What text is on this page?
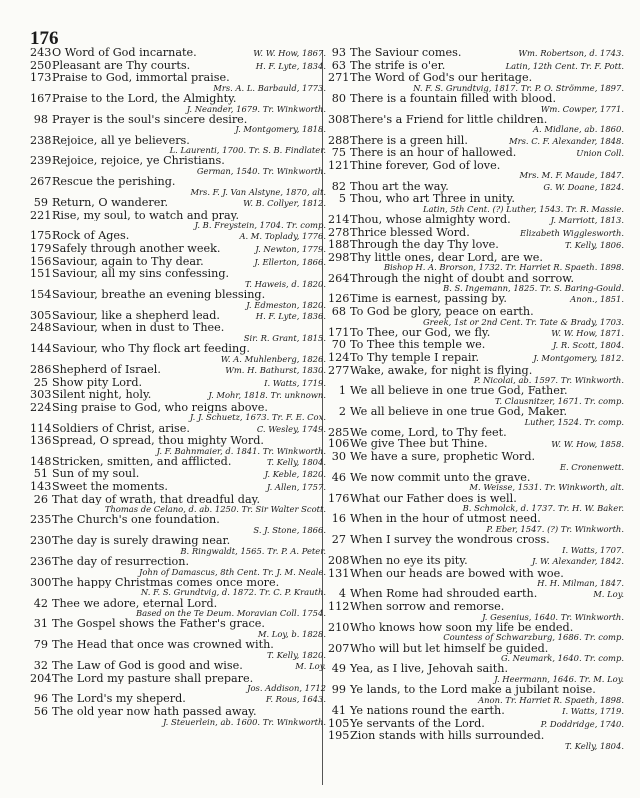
176
243 O Word of God incarnate.	W. W. How, 1867.
250 Pleasant are Thy courts.	H. F. Lyte, 1834.
173 Praise to God, immortal praise.
Mrs. A. L. Barbauld, 1773.
167 Praise to the Lord, the Almighty.
J. Neander, 1679. Tr. Winkworth.
98 Prayer is the soul's sincere desire.
J. Montgomery, 1818.
238 Rejoice, all ye believers.
L. Laurenti, 1700. Tr. S. B. Findlater.
239 Rejoice, rejoice, ye Christians.
German, 1540. Tr. Winkworth.
267 Rescue the perishing.
Mrs. F. J. Van Alstyne, 1870, alt.
59 Return, O wanderer.	W. B. Collyer, 1812.
221 Rise, my soul, to watch and pray.
J. B. Freystein, 1704. Tr. comp.
175 Rock of Ages.	A. M. Toplady, 1776.
179 Safely through another week.	J. Newton, 1779.
156 Saviour, again to Thy dear.	J. Ellerton, 1866.
151 Saviour, all my sins confessing.
T. Haweis, d. 1820.
154 Saviour, breathe an evening blessing.
J. Edmeston, 1820.
305 Saviour, like a shepherd lead.	H. F. Lyte, 1836.
248 Saviour, when in dust to Thee.
Sir. R. Grant, 1815.
144 Saviour, who Thy flock art feeding.
W. A. Muhlenberg, 1826.
286 Shepherd of Israel.	Wm. H. Bathurst, 1830.
25 Show pity Lord.	I. Watts, 1719.
303 Silent night, holy.	J. Mohr, 1818. Tr. unknown.
224 Sing praise to God, who reigns above.
J. J. Schuetz, 1673. Tr. F. E. Cox.
114 Soldiers of Christ, arise.	C. Wesley, 1749.
136 Spread, O spread, thou mighty Word.
J. F. Bahnmaier, d. 1841. Tr. Winkworth.
148 Stricken, smitten, and afflicted.	T. Kelly, 1804.
51 Sun of my soul.	J. Keble, 1820.
143 Sweet the moments.	J. Allen, 1757.
26 That day of wrath, that dreadful day.
Thomas de Celano, d. ab. 1250. Tr. Sir Walter Scott.
235 The Church's one foundation.
S. J. Stone, 1866.
230 The day is surely drawing near.
B. Ringwaldt, 1565. Tr. P. A. Peter.
236 The day of resurrection.
John of Damascus, 8th Cent. Tr. J. M. Neale.
300 The happy Christmas comes once more.
N. F. S. Grundtvig, d. 1872. Tr. C. P. Krauth.
42 Thee we adore, eternal Lord.
Based on the Te Deum. Moravian Coll. 1754.
31 The Gospel shows the Father's grace.
M. Loy, b. 1828.
79 The Head that once was crowned with.
T. Kelly, 1820.
32 The Law of God is good and wise.	M. Loy.
204 The Lord my pasture shall prepare.
Jos. Addison, 1712
96 The Lord's my sheperd.	F. Rous, 1643.
56 The old year now hath passed away.
J. Steuerlein, ab. 1600. Tr. Winkworth.
93 The Saviour comes.	Wm. Robertson, d. 1743.
63 The strife is o'er.	Latin, 12th Cent. Tr. F. Pott.
271 The Word of God's our heritage.
N. F. S. Grundtvig, 1817. Tr. P. O. Strömme, 1897.
80 There is a fountain filled with blood.
Wm. Cowper, 1771.
308 There's a Friend for little children.
A. Midlane, ab. 1860.
288 There is a green hill.	Mrs. C. F. Alexander, 1848.
75 There is an hour of hallowed.	Union Coll.
121 Thine forever, God of love.
Mrs. M. F. Maude, 1847.
82 Thou art the way.	G. W. Doane, 1824.
5 Thou, who art Three in unity.
Latin, 5th Cent. (?) Luther, 1543. Tr. R. Massie.
214 Thou, whose almighty word.	J. Marriott, 1813.
278 Thrice blessed Word.	Elizabeth Wigglesworth.
188 Through the day Thy love.	T. Kelly, 1806.
298 Thy little ones, dear Lord, are we.
Bishop H. A. Brorson, 1732. Tr. Harriet R. Spaeth. 1898.
264 Through the night of doubt and sorrow.
B. S. Ingemann, 1825. Tr. S. Baring-Gould.
126 Time is earnest, passing by.	Anon., 1851.
68 To God be glory, peace on earth.
Greek, 1st or 2nd Cent. Tr. Tate & Brady, 1703.
171 To Thee, our God, we fly.	W. W. How, 1871.
70 To Thee this temple we.	J. R. Scott, 1804.
124 To Thy temple I repair.	J. Montgomery, 1812.
277 Wake, awake, for night is flying.
P. Nicolai, ab. 1597. Tr. Winkworth.
1 We all believe in one true God, Father.
T. Clausnitzer, 1671. Tr. comp.
2 We all believe in one true God, Maker.
Luther, 1524. Tr. comp.
285 We come, Lord, to Thy feet.
106 We give Thee but Thine.	W. W. How, 1858.
30 We have a sure, prophetic Word.
E. Cronenwett.
46 We now commit unto the grave.
M. Weisse, 1531. Tr. Winkworth, alt.
176 What our Father does is well.
B. Schmolck, d. 1737. Tr. H. W. Baker.
16 When in the hour of utmost need.
P. Eber, 1547. (?) Tr. Winkworth.
27 When I survey the wondrous cross.
I. Watts, 1707.
208 When no eye its pity.	J. W. Alexander, 1842.
131 When our heads are bowed with woe.
H. H. Milman, 1847.
4 When Rome had shrouded earth.	M. Loy.
112 When sorrow and remorse.
J. Gesenius, 1640. Tr. Winkworth.
210 Who knows how soon my life be ended.
Countess of Schwarzburg, 1686. Tr. comp.
207 Who will but let himself be guided.
G. Neumark, 1640. Tr. comp.
49 Yea, as I live, Jehovah saith.
J. Heermann, 1646. Tr. M. Loy.
99 Ye lands, to the Lord make a jubilant noise.
Anon. Tr. Harriet R. Spaeth, 1898.
41 Ye nations round the earth.	I. Watts, 1719.
105 Ye servants of the Lord.	P. Doddridge, 1740.
195 Zion stands with hills surrounded.
T. Kelly, 1804.
